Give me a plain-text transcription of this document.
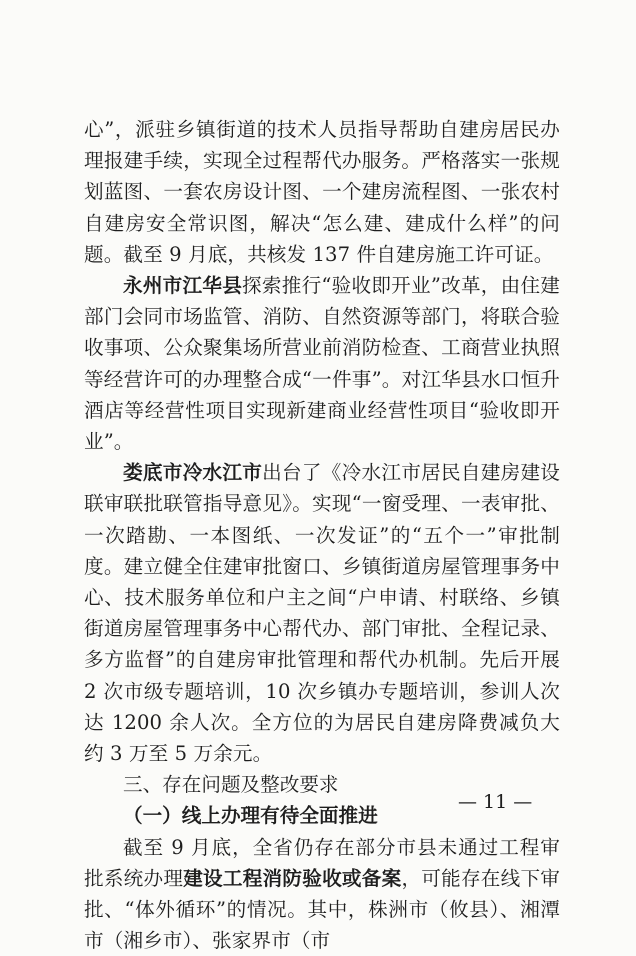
心”，派驻乡镇街道的技术人员指导帮助自建房居民办理报建手续，实现全过程帮代办服务。严格落实一张规划蓝图、一套农房设计图、一个建房流程图、一张农村自建房安全常识图，解决“怎么建、建成什么样”的问题。截至 9 月底，共核发 137 件自建房施工许可证。

永州市江华县探索推行“验收即开业”改革，由住建部门会同市场监管、消防、自然资源等部门，将联合验收事项、公众聚集场所营业前消防检查、工商营业执照等经营许可的办理整合成“一件事”。对江华县水口恒升酒店等经营性项目实现新建商业经营性项目“验收即开业”。

娄底市冷水江市出台了《冷水江市居民自建房建设联审联批联管指导意见》。实现“一窗受理、一表审批、一次踏勘、一本图纸、一次发证”的“五个一”审批制度。建立健全住建审批窗口、乡镇街道房屋管理事务中心、技术服务单位和户主之间“户申请、村联络、乡镇街道房屋管理事务中心帮代办、部门审批、全程记录、多方监督”的自建房审批管理和帮代办机制。先后开展 2 次市级专题培训，10 次乡镇办专题培训，参训人次达 1200 余人次。全方位的为居民自建房降费减负大约 3 万至 5 万余元。

三、存在问题及整改要求

（一）线上办理有待全面推进

截至 9 月底，全省仍存在部分市县未通过工程审批系统办理建设工程消防验收或备案，可能存在线下审批、“体外循环”的情况。其中，株洲市（攸县）、湘潭市（湘乡市）、张家界市（市

— 11 —
